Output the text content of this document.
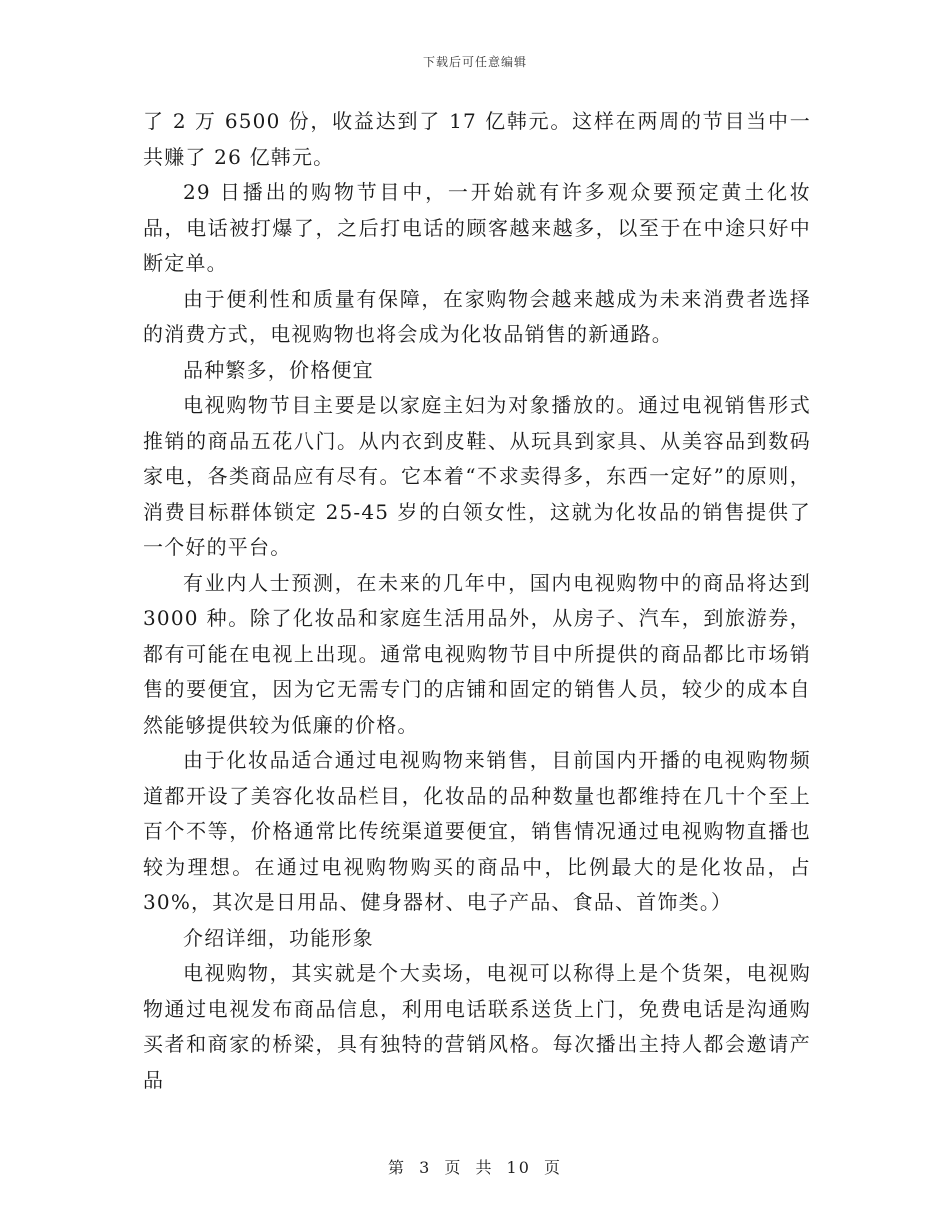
下载后可任意编辑

了 2 万 6500 份，收益达到了 17 亿韩元。这样在两周的节目当中一共赚了 26 亿韩元。

29 日播出的购物节目中，一开始就有许多观众要预定黄土化妆品，电话被打爆了，之后打电话的顾客越来越多，以至于在中途只好中断定单。

由于便利性和质量有保障，在家购物会越来越成为未来消费者选择的消费方式，电视购物也将会成为化妆品销售的新通路。

品种繁多，价格便宜

电视购物节目主要是以家庭主妇为对象播放的。通过电视销售形式推销的商品五花八门。从内衣到皮鞋、从玩具到家具、从美容品到数码家电，各类商品应有尽有。它本着“不求卖得多，东西一定好”的原则，消费目标群体锁定 25-45 岁的白领女性，这就为化妆品的销售提供了一个好的平台。

有业内人士预测，在未来的几年中，国内电视购物中的商品将达到 3000 种。除了化妆品和家庭生活用品外，从房子、汽车，到旅游券，都有可能在电视上出现。通常电视购物节目中所提供的商品都比市场销售的要便宜，因为它无需专门的店铺和固定的销售人员，较少的成本自然能够提供较为低廉的价格。

由于化妆品适合通过电视购物来销售，目前国内开播的电视购物频道都开设了美容化妆品栏目，化妆品的品种数量也都维持在几十个至上百个不等，价格通常比传统渠道要便宜，销售情况通过电视购物直播也较为理想。在通过电视购物购买的商品中，比例最大的是化妆品，占 30%，其次是日用品、健身器材、电子产品、食品、首饰类。）

介绍详细，功能形象

电视购物，其实就是个大卖场，电视可以称得上是个货架，电视购物通过电视发布商品信息，利用电话联系送货上门，免费电话是沟通购买者和商家的桥梁，具有独特的营销风格。每次播出主持人都会邀请产品

第 3 页 共 10 页
